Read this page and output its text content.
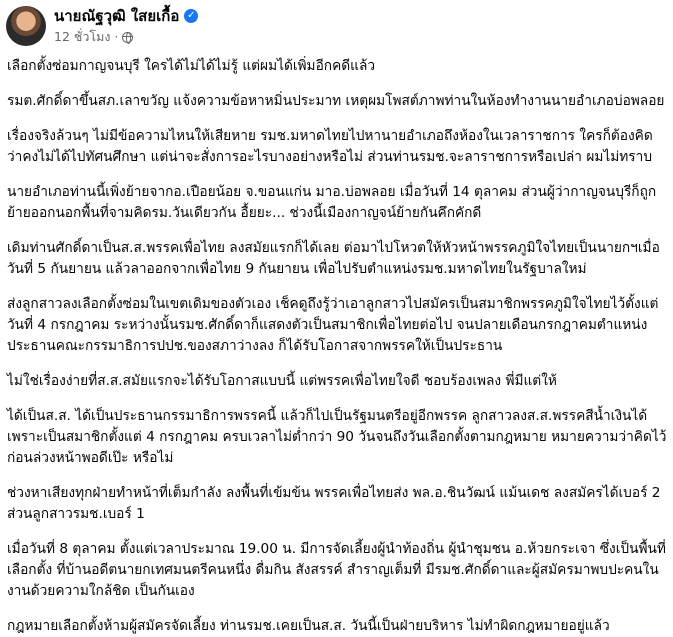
นายณัฐวุฒิ ใสยเกื้อ ✓
12 ชั่วโมง ·

เลือกตั้งซ่อมกาญจนบุรี ใครได้ไม่ได้ไม่รู้ แต่ผมได้เพิ่มอีกคดีแล้ว

รมต.ศักดิ์ดาขึ้นสภ.เลาขวัญ แจ้งความข้อหาหมิ่นประมาท เหตุผมโพสต์ภาพท่านในห้องทำงานนายอำเภอบ่อพลอย

เรื่องจริงล้วนๆ ไม่มีข้อความไหนให้เสียหาย รมช.มหาดไทยไปหานายอำเภอถึงห้องในเวลาราชการ ใครก็ต้องคิดว่าคงไม่ได้ไปทัศนศึกษา แต่น่าจะสั่งการอะไรบางอย่างหรือไม่ ส่วนท่านรมช.จะลาราชการหรือเปล่า ผมไม่ทราบ

นายอำเภอท่านนี้เพิ่งย้ายจากอ.เปือยน้อย จ.ขอนแก่น มาอ.บ่อพลอย เมื่อวันที่ 14 ตุลาคม ส่วนผู้ว่ากาญจนบุรีก็ถูกย้ายออกนอกพื้นที่จามคิดรม.วันเดียวกัน อื้ยยะ... ช่วงนี้เมืองกาญจน์ย้ายกันคึกคักดี

เดิมท่านศักดิ์ดาเป็นส.ส.พรรคเพื่อไทย ลงสมัยแรกก็ได้เลย ต่อมาไปโหวตให้หัวหน้าพรรคภูมิใจไทยเป็นนายกฯเมื่อวันที่ 5 กันยายน แล้วลาออกจากเพื่อไทย 9 กันยายน เพื่อไปรับตำแหน่งรมช.มหาดไทยในรัฐบาลใหม่

ส่งลูกสาวลงเลือกตั้งซ่อมในเขตเดิมของตัวเอง เช็คดูถึงรู้ว่าเอาลูกสาวไปสมัครเป็นสมาชิกพรรคภูมิใจไทยไว้ตั้งแต่วันที่ 4 กรกฎาคม ระหว่างนั้นรมช.ศักดิ์ดาก็แสดงตัวเป็นสมาชิกเพื่อไทยต่อไป จนปลายเดือนกรกฎาคมตำแหน่งประธานคณะกรรมาธิการปปช.ของสภาว่างลง ก็ได้รับโอกาสจากพรรคให้เป็นประธาน

ไม่ใช่เรื่องง่ายที่ส.ส.สมัยแรกจะได้รับโอกาสแบบนี้ แต่พรรคเพื่อไทยใจดี ชอบร้องเพลง พี่มีแต่ให้

ได้เป็นส.ส. ได้เป็นประธานกรรมาธิการพรรคนี้ แล้วก็ไปเป็นรัฐมนตรีอยู่อีกพรรค ลูกสาวลงส.ส.พรรคสีน้ำเงินได้เพราะเป็นสมาชิกตั้งแต่ 4 กรกฎาคม ครบเวลาไม่ต่ำกว่า 90 วันจนถึงวันเลือกตั้งตามกฎหมาย หมายความว่าคิดไว้ก่อนล่วงหน้าพอดีเป๊ะ หรือไม่

ช่วงหาเสียงทุกฝ่ายทำหน้าที่เต็มกำลัง ลงพื้นที่เข้มข้น พรรคเพื่อไทยส่ง พล.อ.ชินวัฒน์ แม้นเดช ลงสมัครได้เบอร์ 2 ส่วนลูกสาวรมช.เบอร์ 1

เมื่อวันที่ 8 ตุลาคม ตั้งแต่เวลาประมาณ 19.00 น. มีการจัดเลี้ยงผู้นำท้องถิ่น ผู้นำชุมชน อ.ห้วยกระเจา ซึ่งเป็นพื้นที่เลือกตั้ง ที่บ้านอดีตนายกเทศมนตรีคนหนึ่ง ดื่มกิน สังสรรค์ สำราญเต็มที่ มีรมช.ศักดิ์ดาและผู้สมัครมาพบปะคนในงานด้วยความใกล้ชิด เป็นกันเอง

กฎหมายเลือกตั้งห้ามผู้สมัครจัดเลี้ยง ท่านรมช.เคยเป็นส.ส. วันนี้เป็นฝ่ายบริหาร ไม่ทำผิดกฎหมายอยู่แล้ว
